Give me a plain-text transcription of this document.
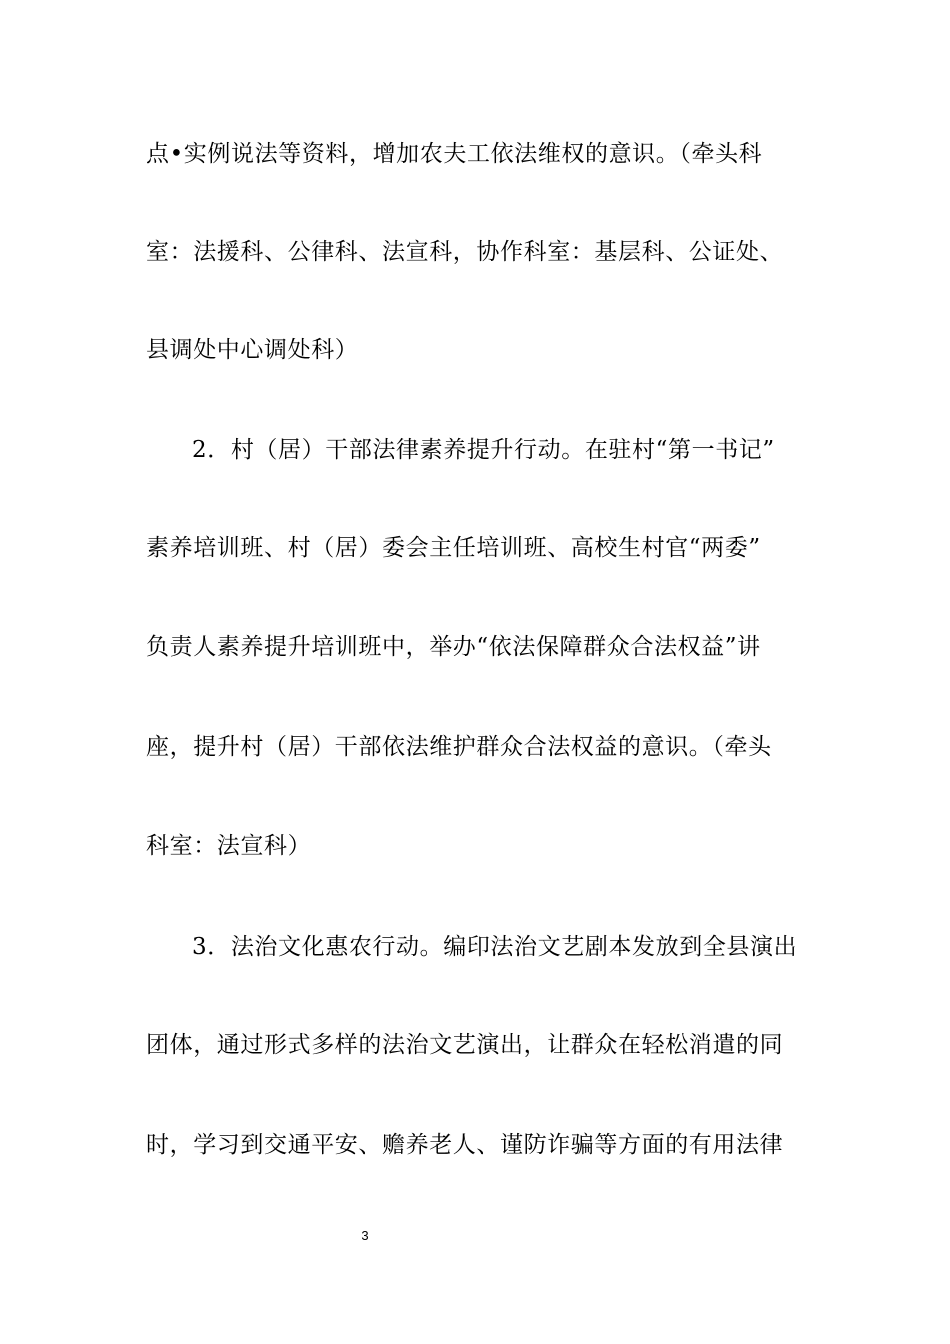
点•实例说法等资料，增加农夫工依法维权的意识。（牵头科
室：法援科、公律科、法宣科，协作科室：基层科、公证处、
县调处中心调处科）
2．村（居）干部法律素养提升行动。在驻村“第一书记”
素养培训班、村（居）委会主任培训班、高校生村官“两委”
负责人素养提升培训班中，举办“依法保障群众合法权益”讲
座，提升村（居）干部依法维护群众合法权益的意识。（牵头
科室：法宣科）
3．法治文化惠农行动。编印法治文艺剧本发放到全县演出
团体，通过形式多样的法治文艺演出，让群众在轻松消遣的同
时，学习到交通平安、赡养老人、谨防诈骗等方面的有用法律
3
